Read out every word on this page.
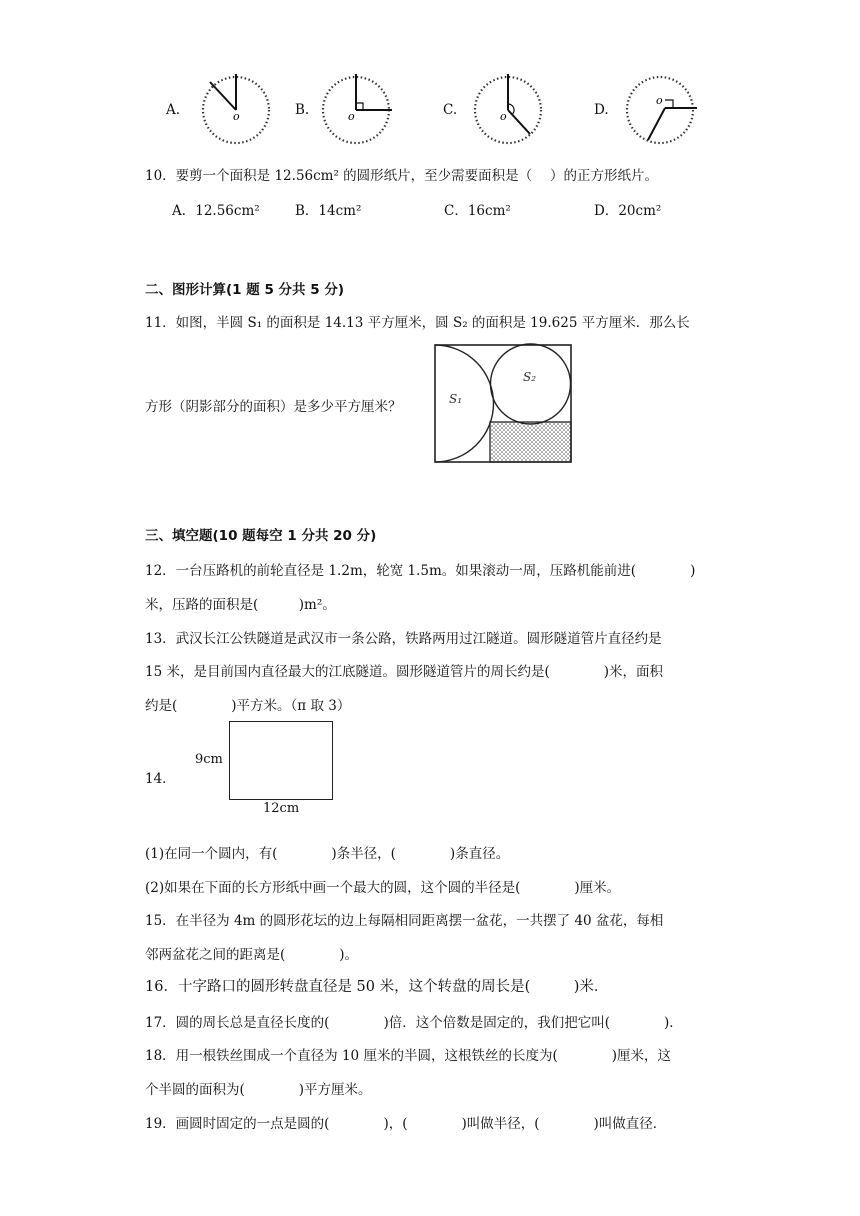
A.	o	B.	o	C.	o	D.
o
10．要剪一个面积是 12.56cm² 的圆形纸片，至少需要面积是（　 ）的正方形纸片。
A．12.56cm²	B．14cm²	C．16cm²	D．20cm²
二、图形计算(1 题 5 分共 5 分)
11．如图，半圆 S₁ 的面积是 14.13 平方厘米，圆 S₂ 的面积是 19.625 平方厘米．那么长
方形（阴影部分的面积）是多少平方厘米？	S₁
S₂
三、填空题(10 题每空 1 分共 20 分)
12．一台压路机的前轮直径是 1.2m，轮宽 1.5m。如果滚动一周，压路机能前进(　　　　)
米，压路的面积是(　　　)m²。
13．武汉长江公铁隧道是武汉市一条公路，铁路两用过江隧道。圆形隧道管片直径约是
15 米，是目前国内直径最大的江底隧道。圆形隧道管片的周长约是(　　　　)米，面积
约是(　　　　)平方米。（π 取 3）
14．
9cm
12cm
(1)在同一个圆内，有(　　　　)条半径，(　　　　)条直径。
(2)如果在下面的长方形纸中画一个最大的圆，这个圆的半径是(　　　　)厘米。
15．在半径为 4m 的圆形花坛的边上每隔相同距离摆一盆花，一共摆了 40 盆花，每相
邻两盆花之间的距离是(　　　　)。
16．十字路口的圆形转盘直径是 50 米，这个转盘的周长是(　　　)米．
17．圆的周长总是直径长度的(　　　　)倍．这个倍数是固定的，我们把它叫(　　　　)．
18．用一根铁丝围成一个直径为 10 厘米的半圆，这根铁丝的长度为(　　　　)厘米，这
个半圆的面积为(　　　　)平方厘米。
19．画圆时固定的一点是圆的(　　　　)，(　　　　)叫做半径，(　　　　)叫做直径．
